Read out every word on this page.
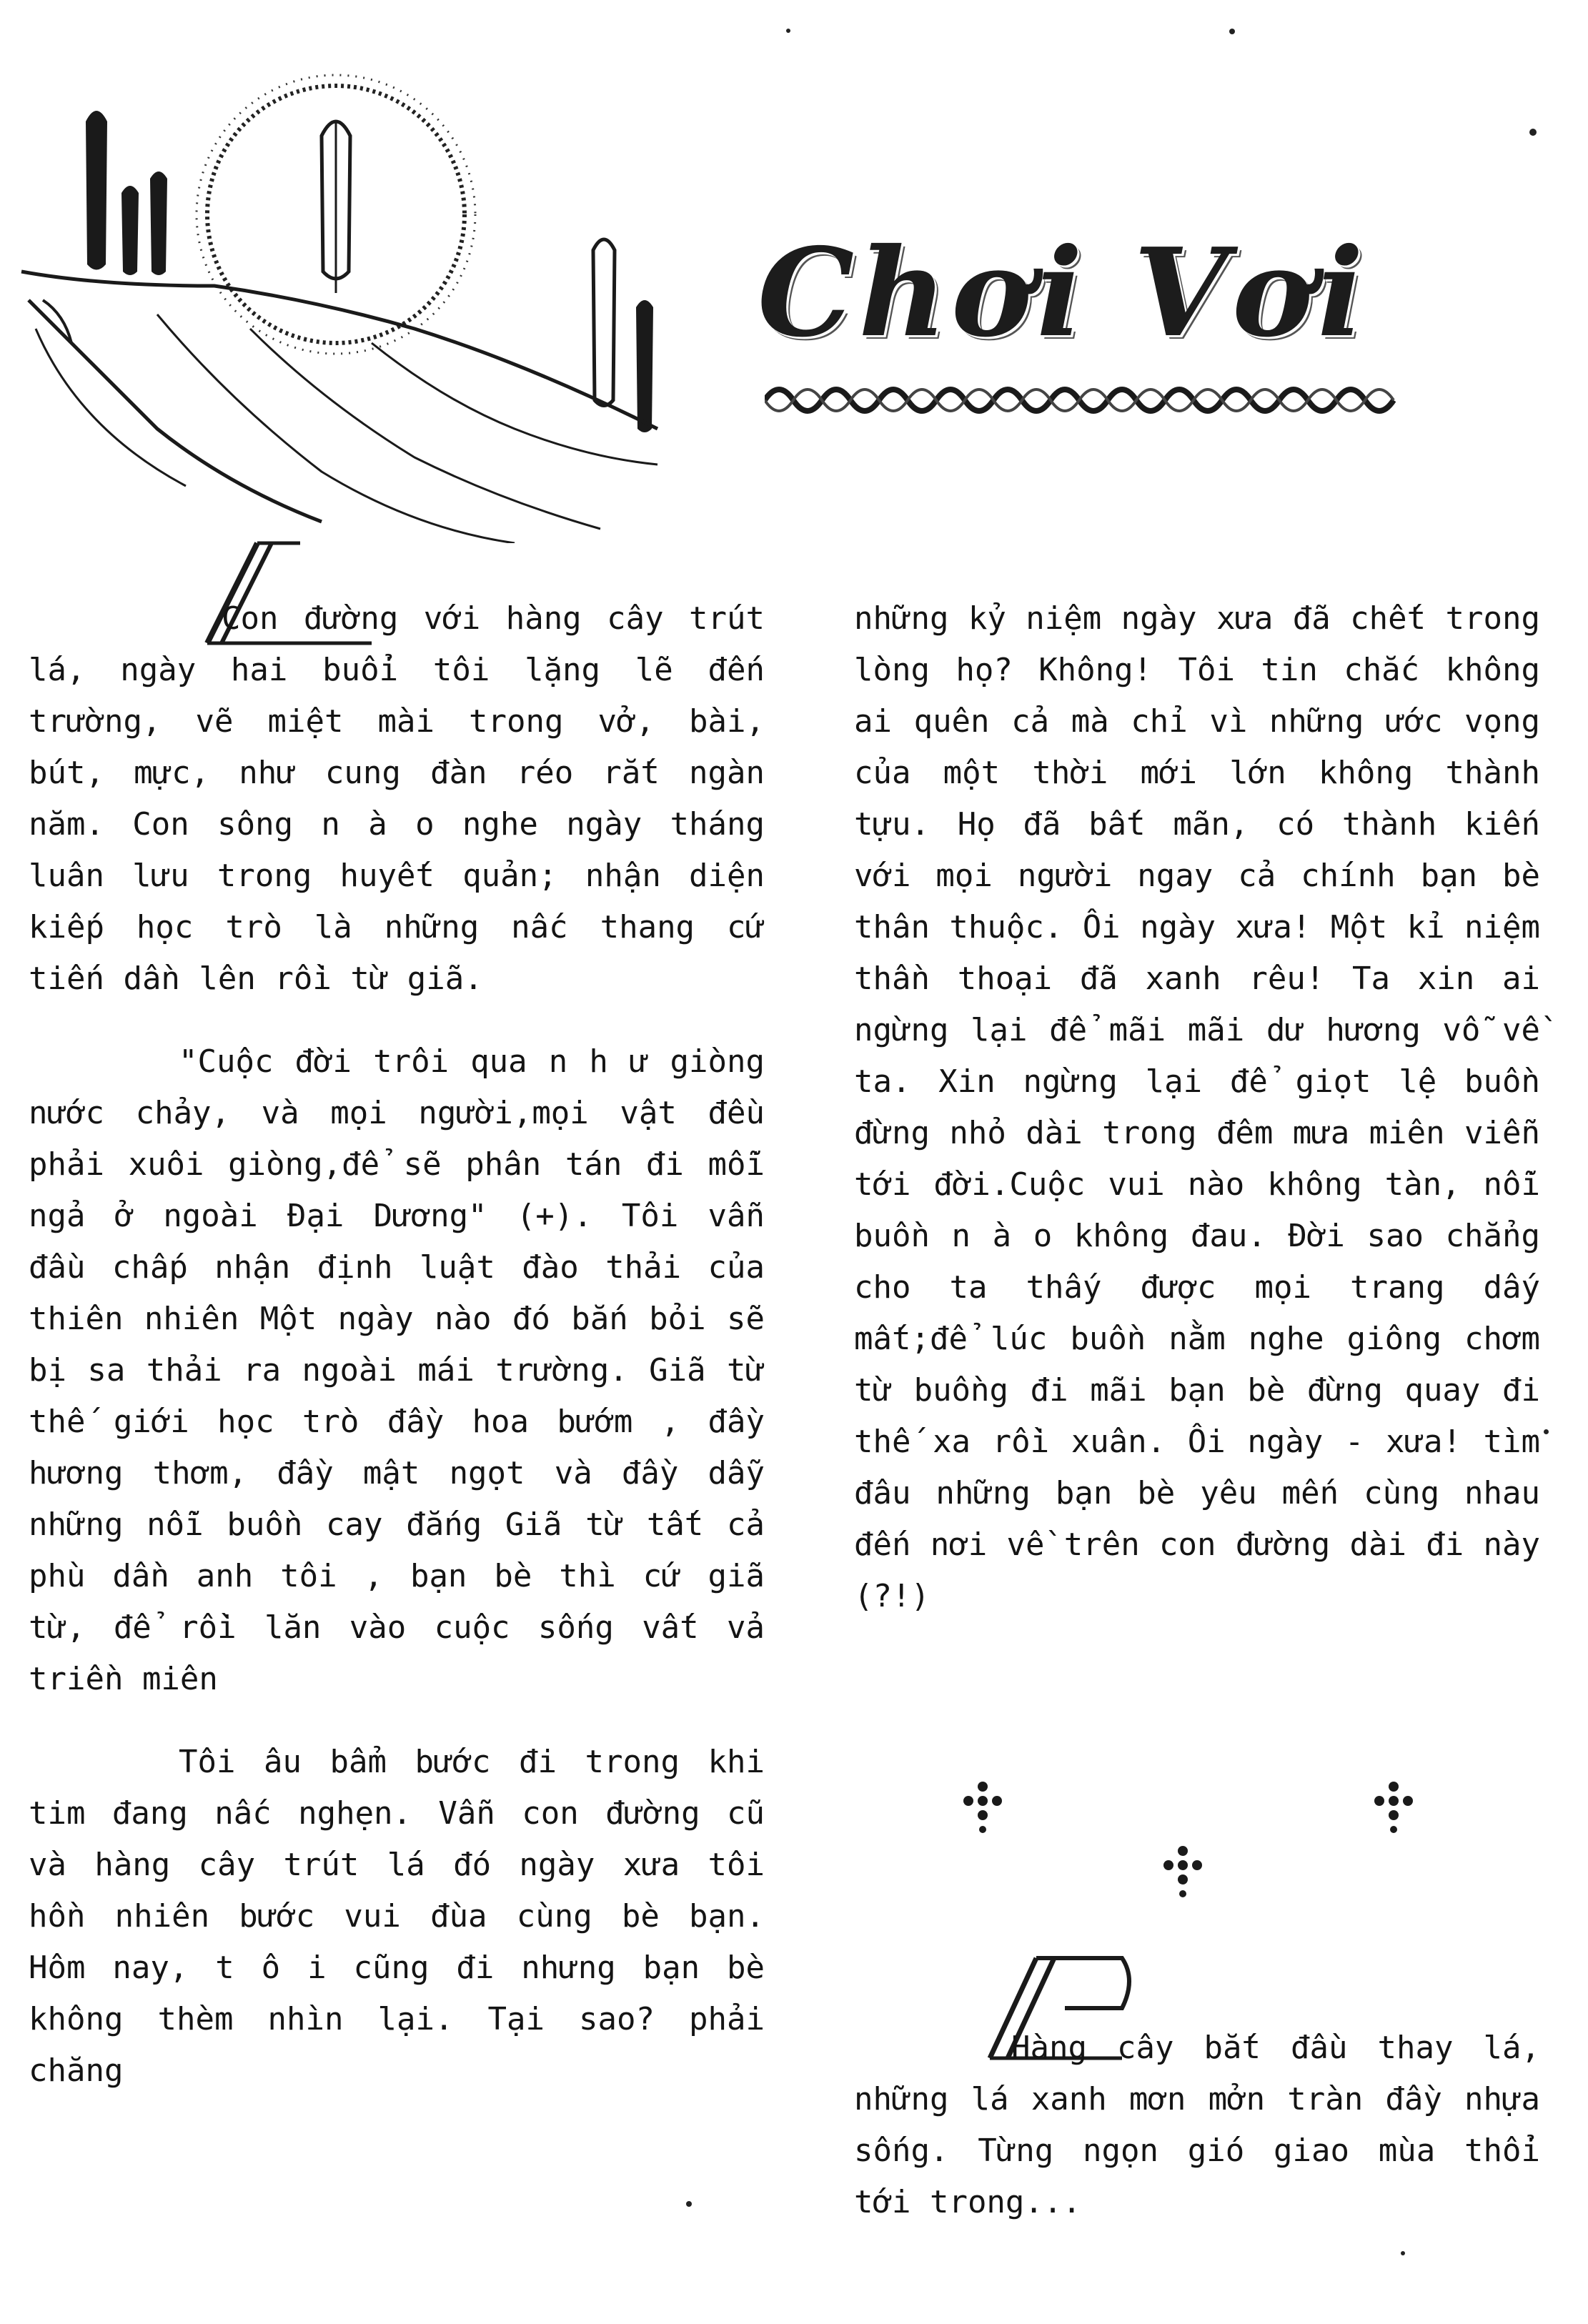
Chơi Vơi

Con đường với hàng cây trút lá, ngày hai buổi tôi lặng lẽ đến trường, vẽ miệt mài trong vở, bài, bút, mực, như cung đàn réo rắt ngàn năm. Con sông n à o nghe ngày tháng luân lưu trong huyết quản; nhận diện kiếp học trò là những nấc thang cứ tiến dần lên rồi từ giã.

"Cuộc đời trôi qua n h ư giòng nước chảy, và mọi người,mọi vật đều phải xuôi giòng,để sẽ phân tán đi mỗi ngả ở ngoài Đại Dương" (+). Tôi vẫn đầu chấp nhận định luật đào thải của thiên nhiên Một ngày nào đó bắn bỏi sẽ bị sa thải ra ngoài mái trường. Giã từ thế giới học trò đầy hoa bướm , đầy hương thơm, đầy mật ngọt và đầy dẫy những nỗi buồn cay đắng Giã từ tất cả phù dần anh tôi , bạn bè thì cứ giã từ, để rồi lăn vào cuộc sống vất vả triền miên

Tôi âu bẩm bước đi trong khi tim đang nấc nghẹn. Vẫn con đường cũ và hàng cây trút lá đó ngày xưa tôi hồn nhiên bước vui đùa cùng bè bạn. Hôm nay, t ô i cũng đi nhưng bạn bè không thèm nhìn lại. Tại sao? phải chăng

những kỷ niệm ngày xưa đã chết trong lòng họ? Không! Tôi tin chắc không ai quên cả mà chỉ vì những ước vọng của một thời mới lớn không thành tựu. Họ đã bất mãn, có thành kiến với mọi người ngay cả chính bạn bè thân thuộc. Ôi ngày xưa! Một kỉ niệm thần thoại đã xanh rêu! Ta xin ai ngừng lại để mãi mãi dư hương vỗ về ta. Xin ngừng lại để giọt lệ buồn đừng nhỏ dài trong đêm mưa miên viễn tới đời.Cuộc vui nào không tàn, nỗi buồn n à o không đau. Đời sao chẳng cho ta thấy được mọi trang dấy mất;để lúc buồn nằm nghe giông chơm từ buồng đi mãi bạn bè đừng quay đi thế xa rồi xuân. Ôi ngày - xưa! tìm đâu những bạn bè yêu mến cùng nhau đến nơi về trên con đường dài đi này (?!)

Hàng cây bắt đầu thay lá, những lá xanh mơn mởn tràn đầy nhựa sống. Từng ngọn gió giao mùa thổi tới trong...
